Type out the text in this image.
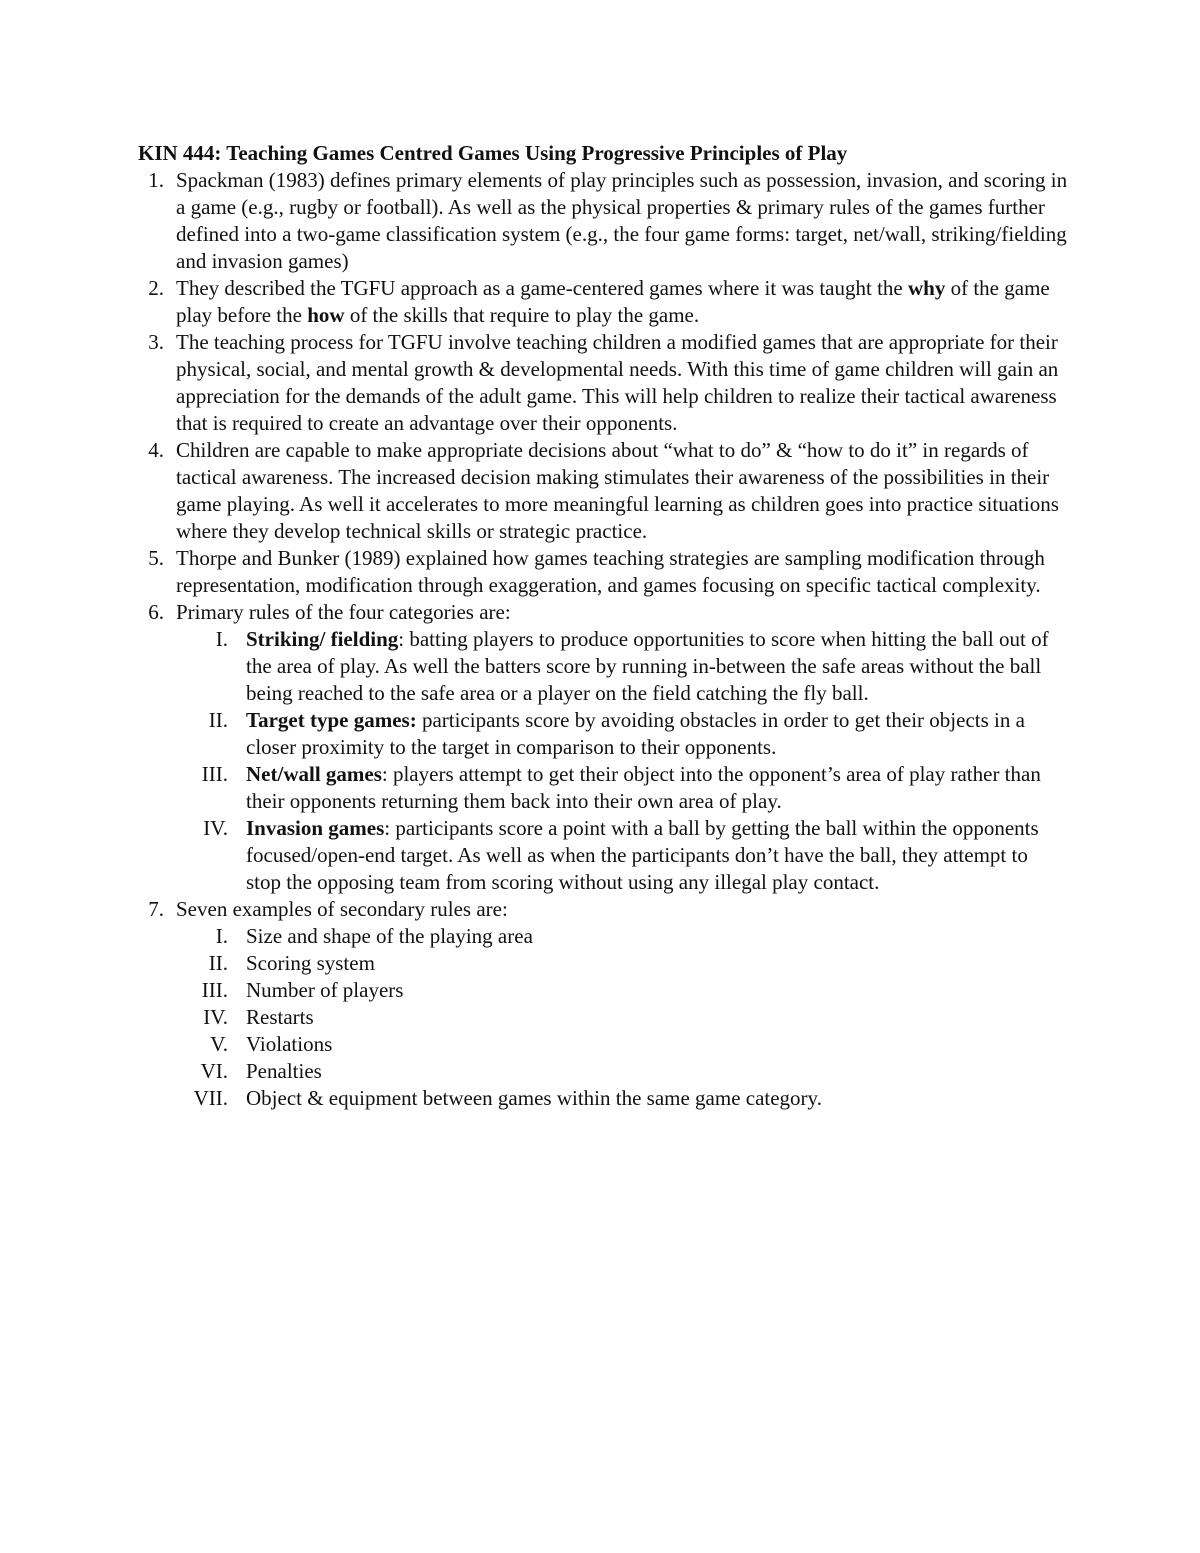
KIN 444: Teaching Games Centred Games Using Progressive Principles of Play
1. Spackman (1983) defines primary elements of play principles such as possession, invasion, and scoring in a game (e.g., rugby or football). As well as the physical properties & primary rules of the games further defined into a two-game classification system (e.g., the four game forms: target, net/wall, striking/fielding and invasion games)
2. They described the TGFU approach as a game-centered games where it was taught the why of the game play before the how of the skills that require to play the game.
3. The teaching process for TGFU involve teaching children a modified games that are appropriate for their physical, social, and mental growth & developmental needs. With this time of game children will gain an appreciation for the demands of the adult game. This will help children to realize their tactical awareness that is required to create an advantage over their opponents.
4. Children are capable to make appropriate decisions about “what to do” & “how to do it” in regards of tactical awareness. The increased decision making stimulates their awareness of the possibilities in their game playing. As well it accelerates to more meaningful learning as children goes into practice situations where they develop technical skills or strategic practice.
5. Thorpe and Bunker (1989) explained how games teaching strategies are sampling modification through representation, modification through exaggeration, and games focusing on specific tactical complexity.
6. Primary rules of the four categories are:
I. Striking/ fielding: batting players to produce opportunities to score when hitting the ball out of the area of play. As well the batters score by running in-between the safe areas without the ball being reached to the safe area or a player on the field catching the fly ball.
II. Target type games: participants score by avoiding obstacles in order to get their objects in a closer proximity to the target in comparison to their opponents.
III. Net/wall games: players attempt to get their object into the opponent’s area of play rather than their opponents returning them back into their own area of play.
IV. Invasion games: participants score a point with a ball by getting the ball within the opponents focused/open-end target. As well as when the participants don’t have the ball, they attempt to stop the opposing team from scoring without using any illegal play contact.
7. Seven examples of secondary rules are:
I. Size and shape of the playing area
II. Scoring system
III. Number of players
IV. Restarts
V. Violations
VI. Penalties
VII. Object & equipment between games within the same game category.
